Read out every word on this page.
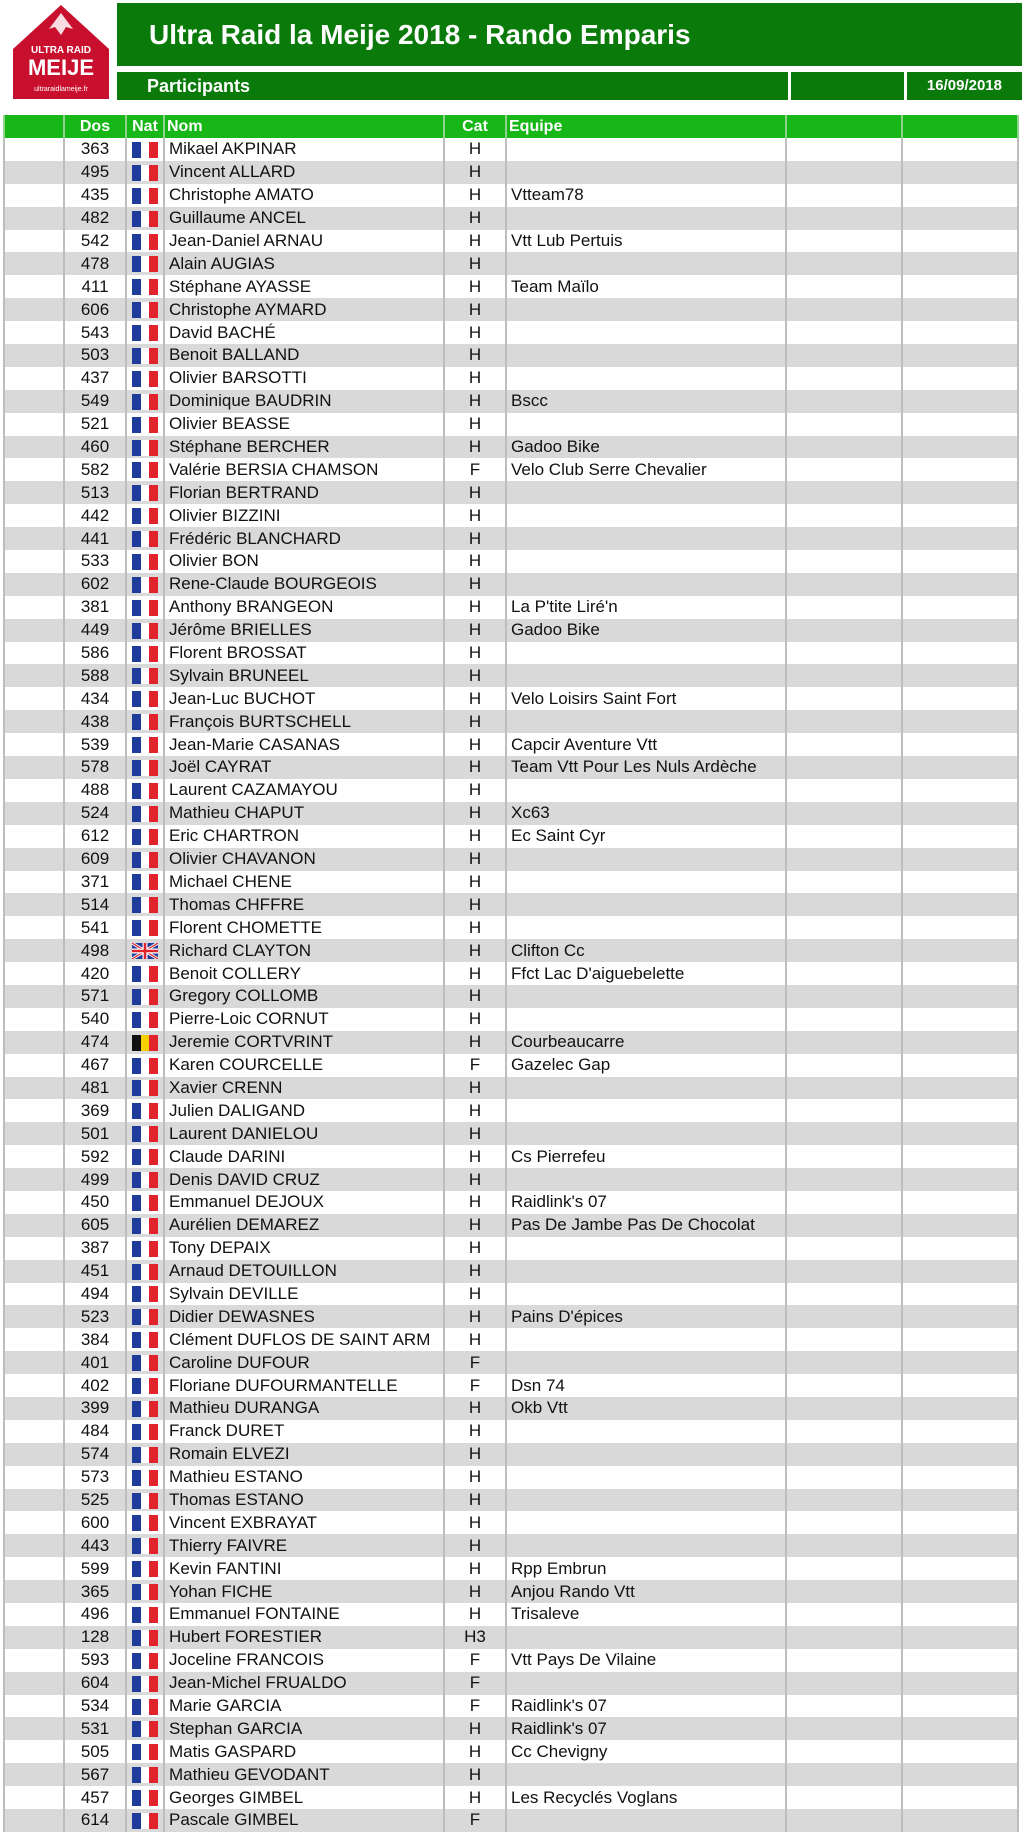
ULTRA RAID
MEIJE
ultraraidlameije.fr
Ultra Raid la Meije 2018 - Rando Emparis
Participants	16/09/2018
	Dos	Nat	Nom	Cat	Equipe		
	363		Mikael AKPINAR	H			
	495		Vincent ALLARD	H			
	435		Christophe AMATO	H	Vtteam78		
	482		Guillaume ANCEL	H			
	542		Jean-Daniel ARNAU	H	Vtt Lub Pertuis		
	478		Alain AUGIAS	H			
	411		Stéphane AYASSE	H	Team Maïlo		
	606		Christophe AYMARD	H			
	543		David BACHÉ	H			
	503		Benoit BALLAND	H			
	437		Olivier BARSOTTI	H			
	549		Dominique BAUDRIN	H	Bscc		
	521		Olivier BEASSE	H			
	460		Stéphane BERCHER	H	Gadoo Bike		
	582		Valérie BERSIA CHAMSON	F	Velo Club Serre Chevalier		
	513		Florian BERTRAND	H			
	442		Olivier BIZZINI	H			
	441		Frédéric BLANCHARD	H			
	533		Olivier BON	H			
	602		Rene-Claude BOURGEOIS	H			
	381		Anthony BRANGEON	H	La P'tite Liré'n		
	449		Jérôme BRIELLES	H	Gadoo Bike		
	586		Florent BROSSAT	H			
	588		Sylvain BRUNEEL	H			
	434		Jean-Luc BUCHOT	H	Velo Loisirs Saint Fort		
	438		François BURTSCHELL	H			
	539		Jean-Marie CASANAS	H	Capcir Aventure Vtt		
	578		Joël CAYRAT	H	Team Vtt Pour Les Nuls Ardèche		
	488		Laurent CAZAMAYOU	H			
	524		Mathieu CHAPUT	H	Xc63		
	612		Eric CHARTRON	H	Ec Saint Cyr		
	609		Olivier CHAVANON	H			
	371		Michael CHENE	H			
	514		Thomas CHFFRE	H			
	541		Florent CHOMETTE	H			
	498		Richard CLAYTON	H	Clifton Cc		
	420		Benoit COLLERY	H	Ffct Lac D'aiguebelette		
	571		Gregory COLLOMB	H			
	540		Pierre-Loic CORNUT	H			
	474		Jeremie CORTVRINT	H	Courbeaucarre		
	467		Karen COURCELLE	F	Gazelec Gap		
	481		Xavier CRENN	H			
	369		Julien DALIGAND	H			
	501		Laurent DANIELOU	H			
	592		Claude DARINI	H	Cs Pierrefeu		
	499		Denis DAVID CRUZ	H			
	450		Emmanuel DEJOUX	H	Raidlink's 07		
	605		Aurélien DEMAREZ	H	Pas De Jambe Pas De Chocolat		
	387		Tony DEPAIX	H			
	451		Arnaud DETOUILLON	H			
	494		Sylvain DEVILLE	H			
	523		Didier DEWASNES	H	Pains D'épices		
	384		Clément DUFLOS DE SAINT ARM	H			
	401		Caroline DUFOUR	F			
	402		Floriane DUFOURMANTELLE	F	Dsn 74		
	399		Mathieu DURANGA	H	Okb Vtt		
	484		Franck DURET	H			
	574		Romain ELVEZI	H			
	573		Mathieu ESTANO	H			
	525		Thomas ESTANO	H			
	600		Vincent EXBRAYAT	H			
	443		Thierry FAIVRE	H			
	599		Kevin FANTINI	H	Rpp Embrun		
	365		Yohan FICHE	H	Anjou Rando Vtt		
	496		Emmanuel FONTAINE	H	Trisaleve		
	128		Hubert FORESTIER	H3			
	593		Joceline FRANCOIS	F	Vtt Pays De Vilaine		
	604		Jean-Michel FRUALDO	F			
	534		Marie GARCIA	F	Raidlink's 07		
	531		Stephan GARCIA	H	Raidlink's 07		
	505		Matis GASPARD	H	Cc Chevigny		
	567		Mathieu GEVODANT	H			
	457		Georges GIMBEL	H	Les Recyclés Voglans		
	614		Pascale GIMBEL	F			
